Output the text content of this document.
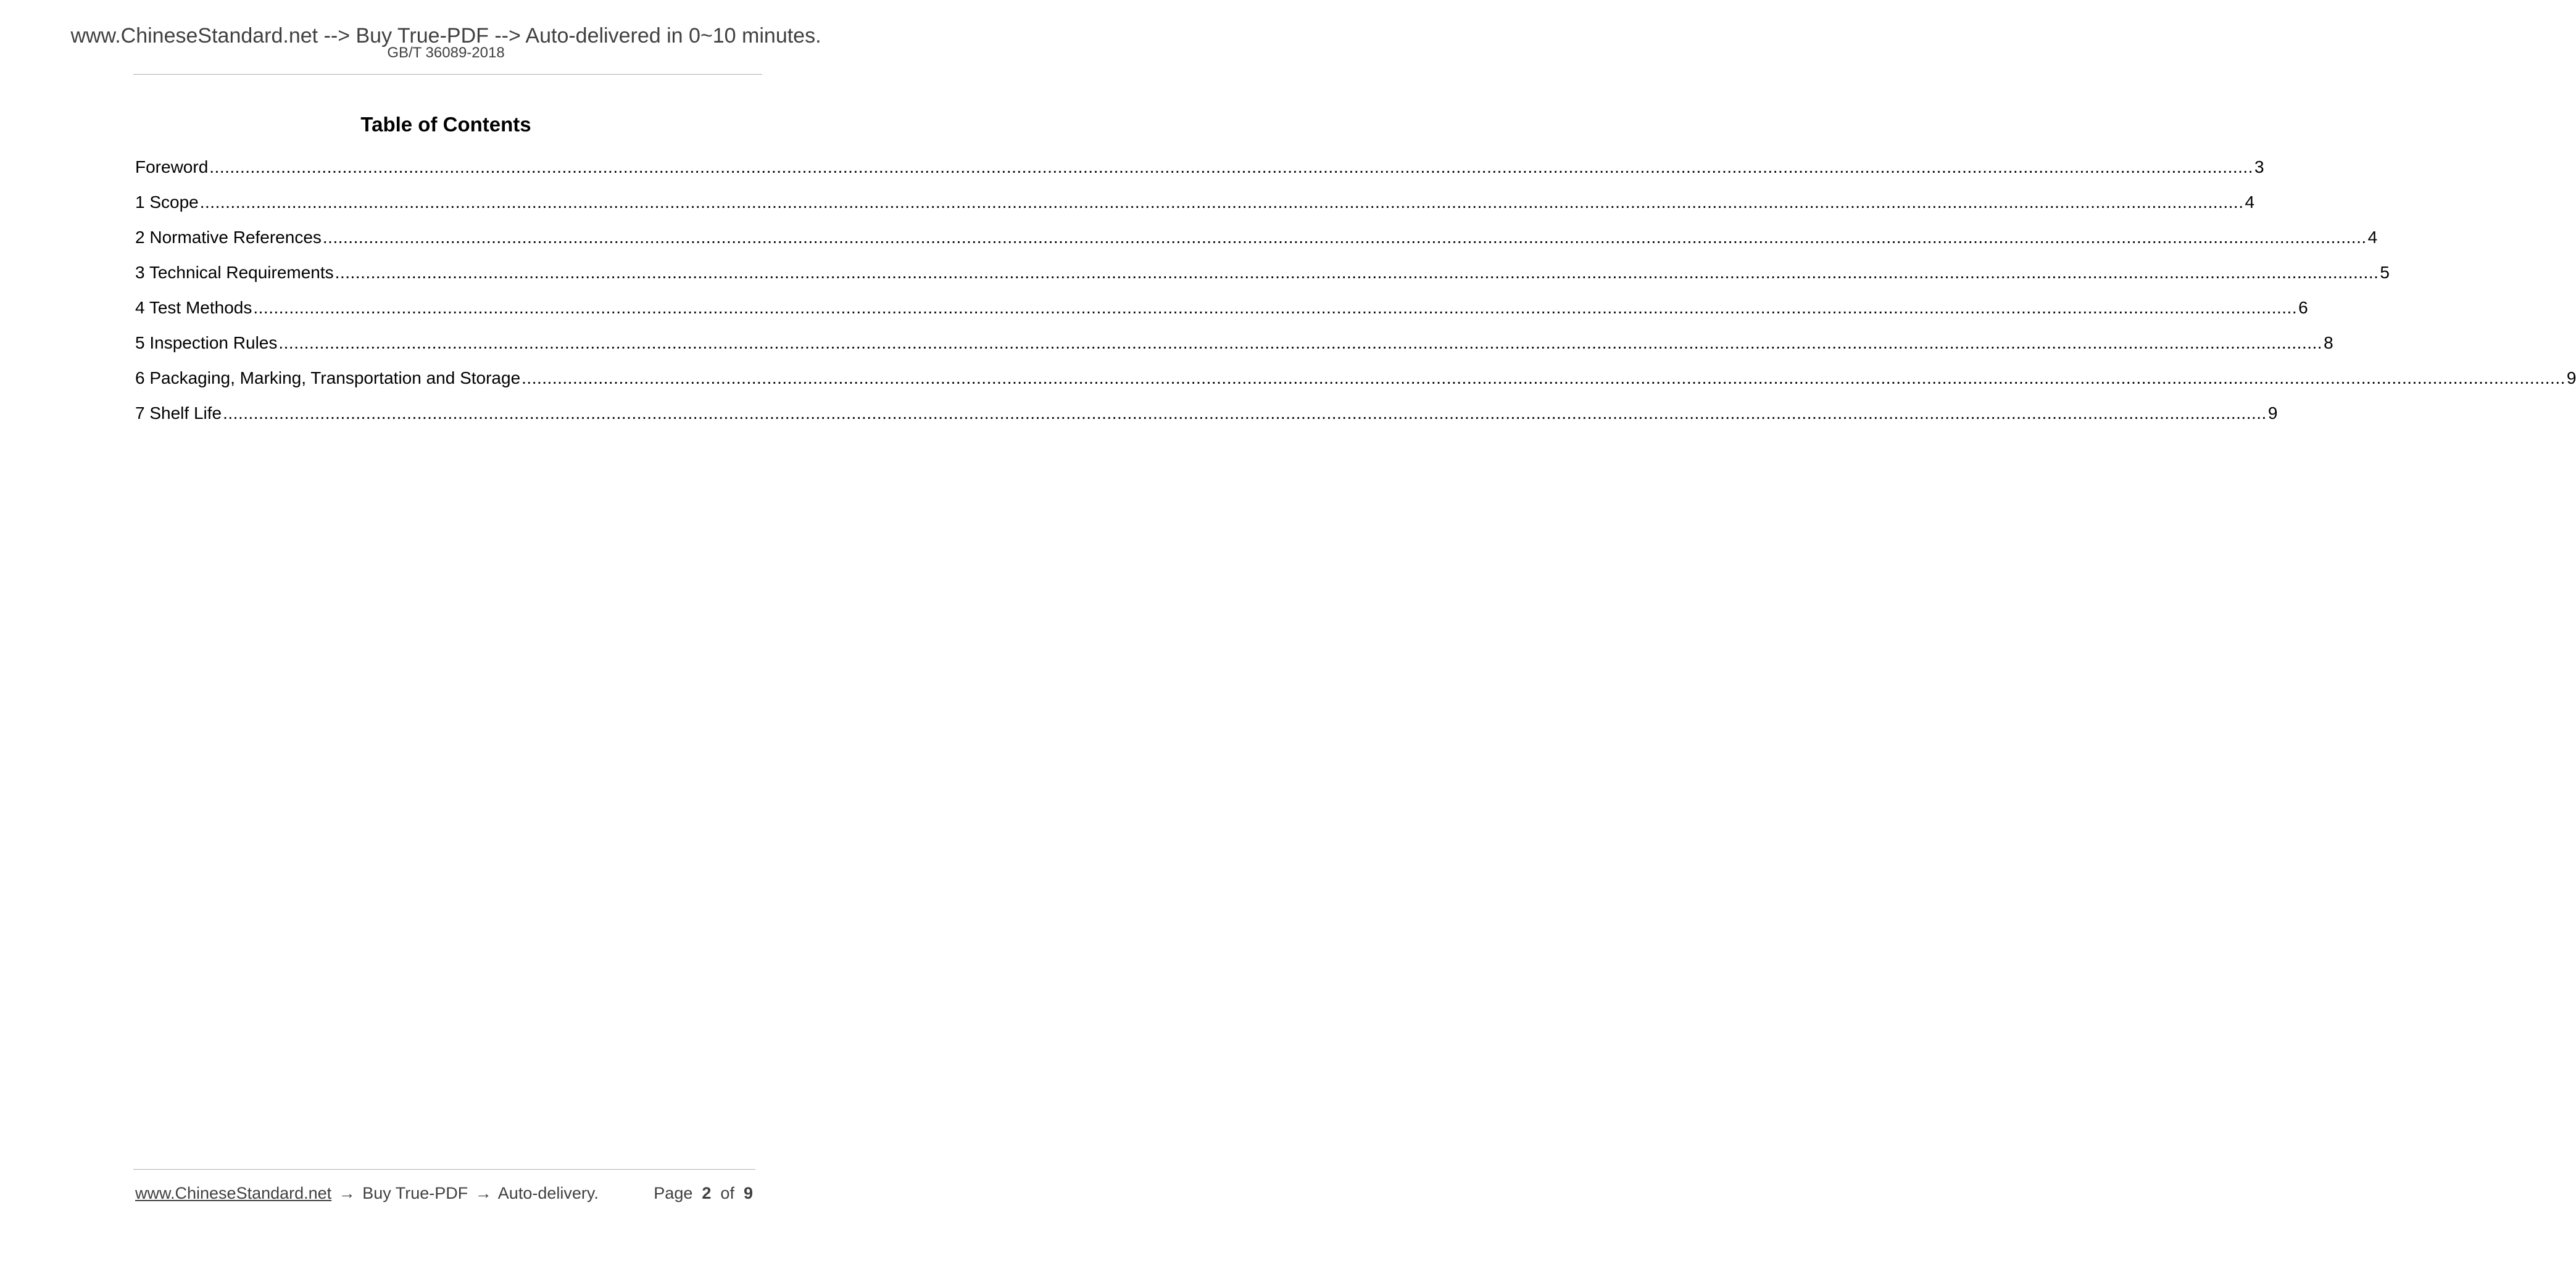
www.ChineseStandard.net --> Buy True-PDF --> Auto-delivered in 0~10 minutes.
GB/T 36089-2018
Table of Contents
Foreword ................................................................................................................................................................................................................................................................................................................................................................................................................ 3
1 Scope ................................................................................................................................................................................................................................................................................................................................................................................................................ 4
2 Normative References ................................................................................................................................................................................................................................................................................................................................................................................................................ 4
3 Technical Requirements ................................................................................................................................................................................................................................................................................................................................................................................................................ 5
4 Test Methods ................................................................................................................................................................................................................................................................................................................................................................................................................ 6
5 Inspection Rules ................................................................................................................................................................................................................................................................................................................................................................................................................ 8
6 Packaging, Marking, Transportation and Storage ................................................................................................................................................................................................................................................................................................................................................................................................................ 9
7 Shelf Life ................................................................................................................................................................................................................................................................................................................................................................................................................ 9
www.ChineseStandard.net → Buy True-PDF → Auto-delivery.	Page 2 of 9
